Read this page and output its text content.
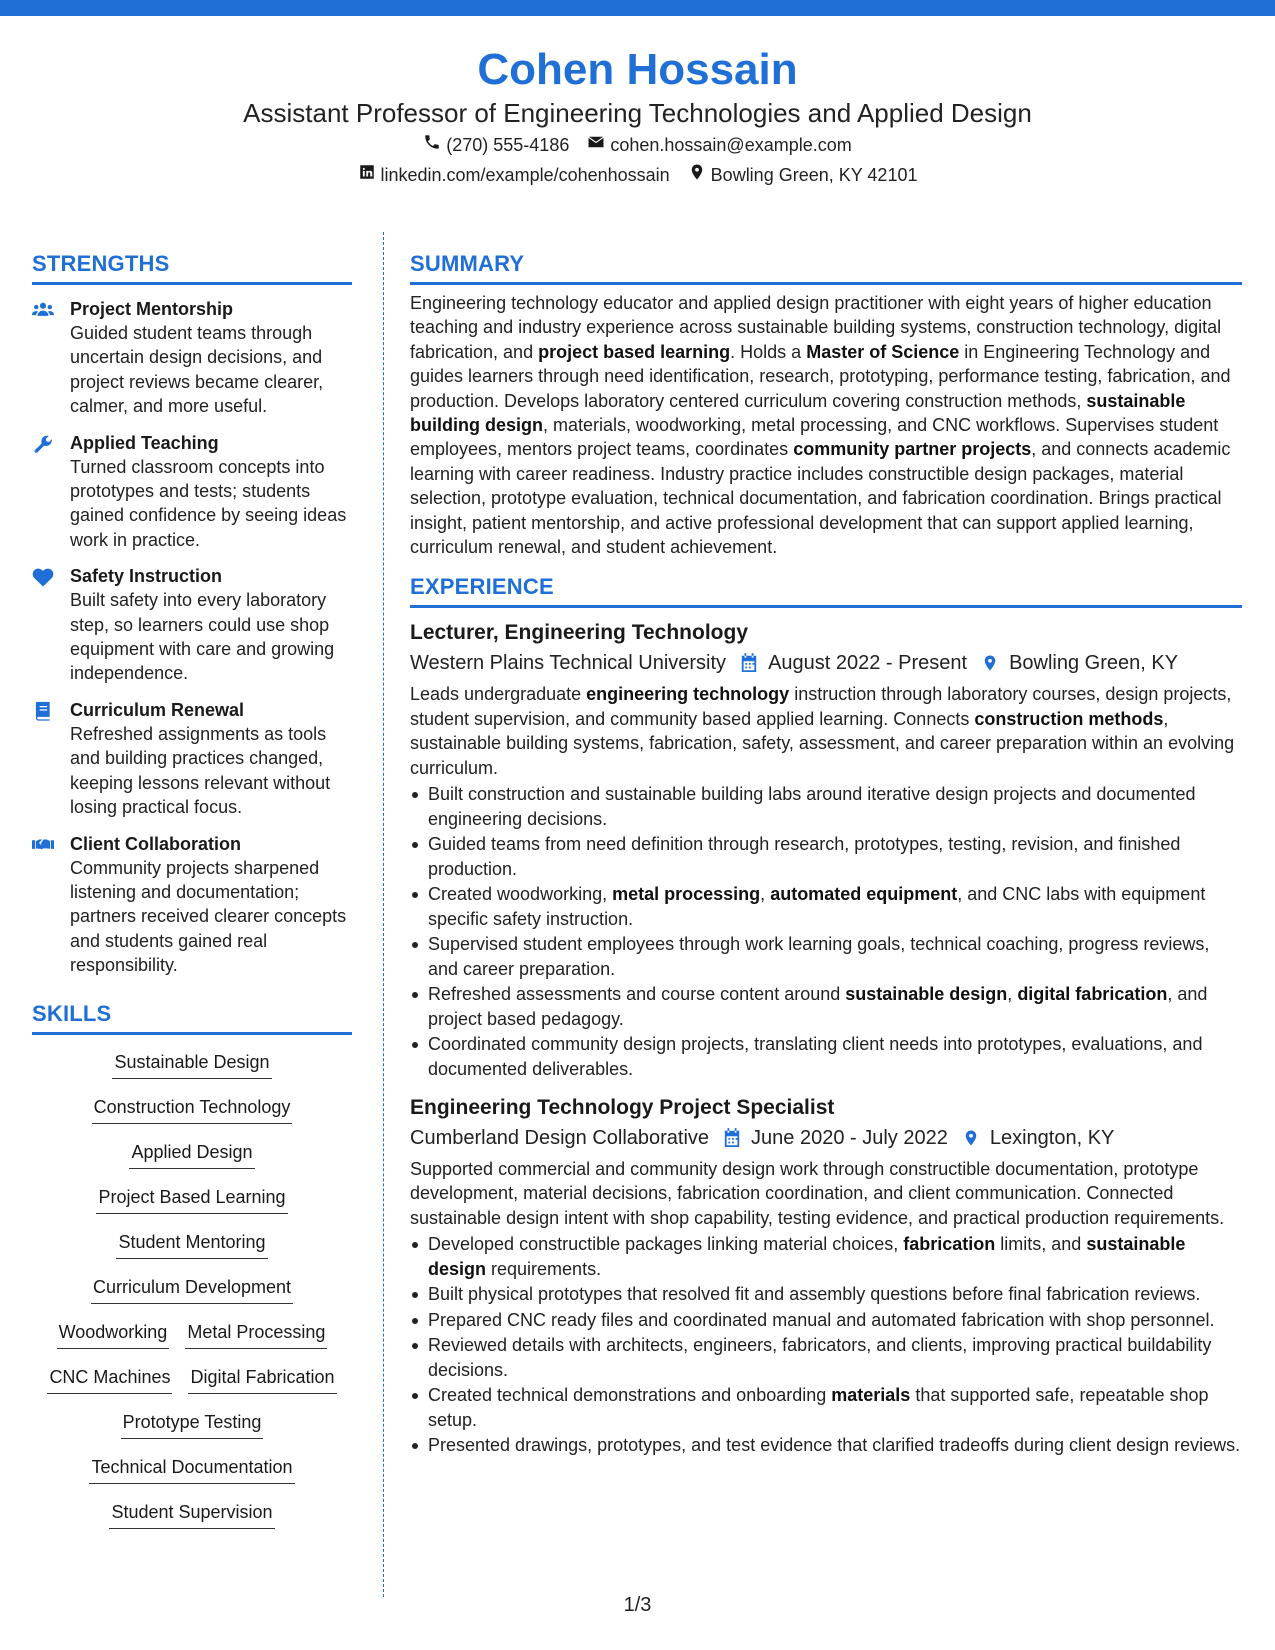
Cohen Hossain
Assistant Professor of Engineering Technologies and Applied Design
(270) 555-4186 cohen.hossain@example.com
linkedin.com/example/cohenhossain Bowling Green, KY 42101
STRENGTHS
Project Mentorship
Guided student teams through uncertain design decisions, and project reviews became clearer, calmer, and more useful.
Applied Teaching
Turned classroom concepts into prototypes and tests; students gained confidence by seeing ideas work in practice.
Safety Instruction
Built safety into every laboratory step, so learners could use shop equipment with care and growing independence.
Curriculum Renewal
Refreshed assignments as tools and building practices changed, keeping lessons relevant without losing practical focus.
Client Collaboration
Community projects sharpened listening and documentation; partners received clearer concepts and students gained real responsibility.
SKILLS
Sustainable Design
Construction Technology
Applied Design
Project Based Learning
Student Mentoring
Curriculum Development
Woodworking Metal Processing
CNC Machines Digital Fabrication
Prototype Testing
Technical Documentation
Student Supervision
SUMMARY
Engineering technology educator and applied design practitioner with eight years of higher education teaching and industry experience across sustainable building systems, construction technology, digital fabrication, and project based learning. Holds a Master of Science in Engineering Technology and guides learners through need identification, research, prototyping, performance testing, fabrication, and production. Develops laboratory centered curriculum covering construction methods, sustainable building design, materials, woodworking, metal processing, and CNC workflows. Supervises student employees, mentors project teams, coordinates community partner projects, and connects academic learning with career readiness. Industry practice includes constructible design packages, material selection, prototype evaluation, technical documentation, and fabrication coordination. Brings practical insight, patient mentorship, and active professional development that can support applied learning, curriculum renewal, and student achievement.
EXPERIENCE
Lecturer, Engineering Technology
Western Plains Technical University August 2022 - Present Bowling Green, KY
Leads undergraduate engineering technology instruction through laboratory courses, design projects, student supervision, and community based applied learning. Connects construction methods, sustainable building systems, fabrication, safety, assessment, and career preparation within an evolving curriculum.
Built construction and sustainable building labs around iterative design projects and documented engineering decisions.
Guided teams from need definition through research, prototypes, testing, revision, and finished production.
Created woodworking, metal processing, automated equipment, and CNC labs with equipment specific safety instruction.
Supervised student employees through work learning goals, technical coaching, progress reviews, and career preparation.
Refreshed assessments and course content around sustainable design, digital fabrication, and project based pedagogy.
Coordinated community design projects, translating client needs into prototypes, evaluations, and documented deliverables.
Engineering Technology Project Specialist
Cumberland Design Collaborative June 2020 - July 2022 Lexington, KY
Supported commercial and community design work through constructible documentation, prototype development, material decisions, fabrication coordination, and client communication. Connected sustainable design intent with shop capability, testing evidence, and practical production requirements.
Developed constructible packages linking material choices, fabrication limits, and sustainable design requirements.
Built physical prototypes that resolved fit and assembly questions before final fabrication reviews.
Prepared CNC ready files and coordinated manual and automated fabrication with shop personnel.
Reviewed details with architects, engineers, fabricators, and clients, improving practical buildability decisions.
Created technical demonstrations and onboarding materials that supported safe, repeatable shop setup.
Presented drawings, prototypes, and test evidence that clarified tradeoffs during client design reviews.
1/3
